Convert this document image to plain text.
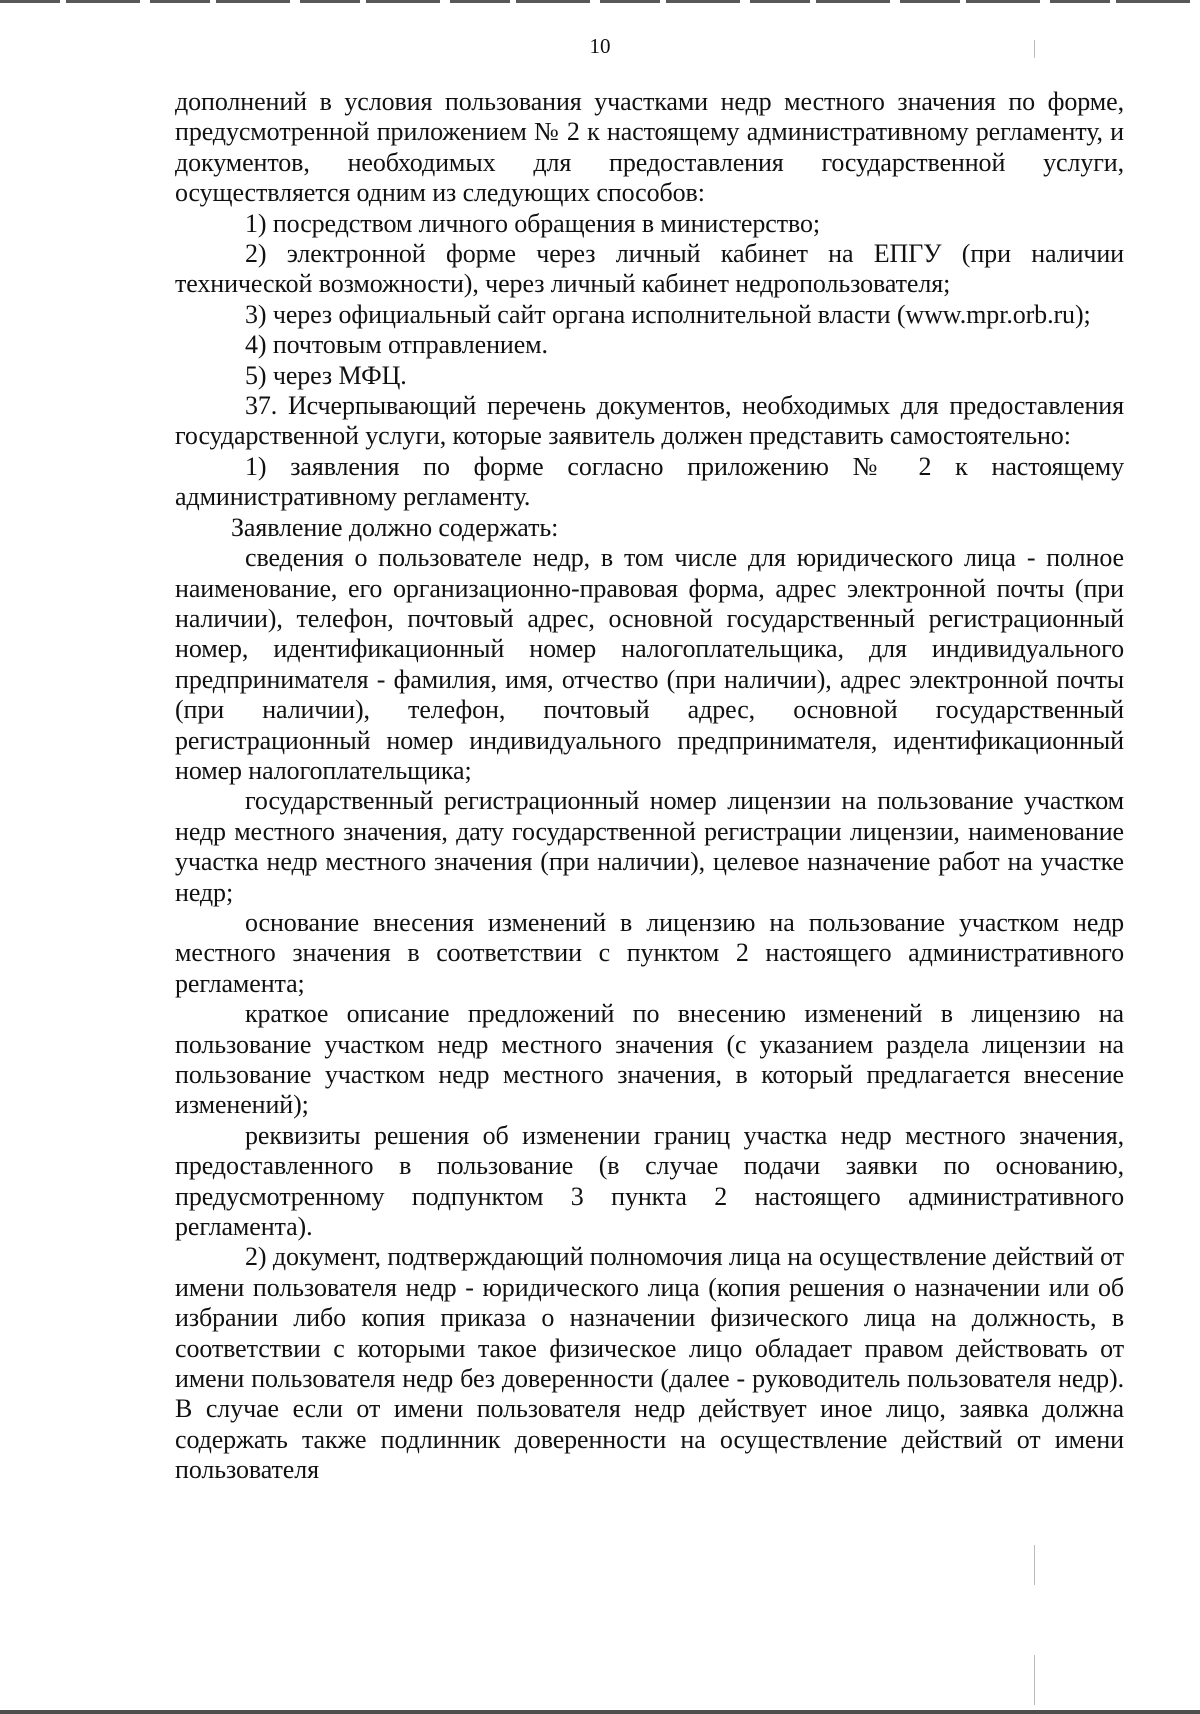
10

дополнений в условия пользования участками недр местного значения по форме, предусмотренной приложением № 2 к настоящему административному регламенту, и документов, необходимых для предоставления государственной услуги, осуществляется одним из следующих способов:

1) посредством личного обращения в министерство;

2) электронной форме через личный кабинет на ЕПГУ (при наличии технической возможности), через личный кабинет недропользователя;

3) через официальный сайт органа исполнительной власти (www.mpr.orb.ru);

4) почтовым отправлением.

5) через МФЦ.

37. Исчерпывающий перечень документов, необходимых для предоставления государственной услуги, которые заявитель должен представить самостоятельно:

1) заявления по форме согласно приложению № 2 к настоящему административному регламенту.

Заявление должно содержать:

сведения о пользователе недр, в том числе для юридического лица - полное наименование, его организационно-правовая форма, адрес электронной почты (при наличии), телефон, почтовый адрес, основной государственный регистрационный номер, идентификационный номер налогоплательщика, для индивидуального предпринимателя - фамилия, имя, отчество (при наличии), адрес электронной почты (при наличии), телефон, почтовый адрес, основной государственный регистрационный номер индивидуального предпринимателя, идентификационный номер налогоплательщика;

государственный регистрационный номер лицензии на пользование участком недр местного значения, дату государственной регистрации лицензии, наименование участка недр местного значения (при наличии), целевое назначение работ на участке недр;

основание внесения изменений в лицензию на пользование участком недр местного значения в соответствии с пунктом 2 настоящего административного регламента;

краткое описание предложений по внесению изменений в лицензию на пользование участком недр местного значения (с указанием раздела лицензии на пользование участком недр местного значения, в который предлагается внесение изменений);

реквизиты решения об изменении границ участка недр местного значения, предоставленного в пользование (в случае подачи заявки по основанию, предусмотренному подпунктом 3 пункта 2 настоящего административного регламента).

2) документ, подтверждающий полномочия лица на осуществление действий от имени пользователя недр - юридического лица (копия решения о назначении или об избрании либо копия приказа о назначении физического лица на должность, в соответствии с которыми такое физическое лицо обладает правом действовать от имени пользователя недр без доверенности (далее - руководитель пользователя недр). В случае если от имени пользователя недр действует иное лицо, заявка должна содержать также подлинник доверенности на осуществление действий от имени пользователя
